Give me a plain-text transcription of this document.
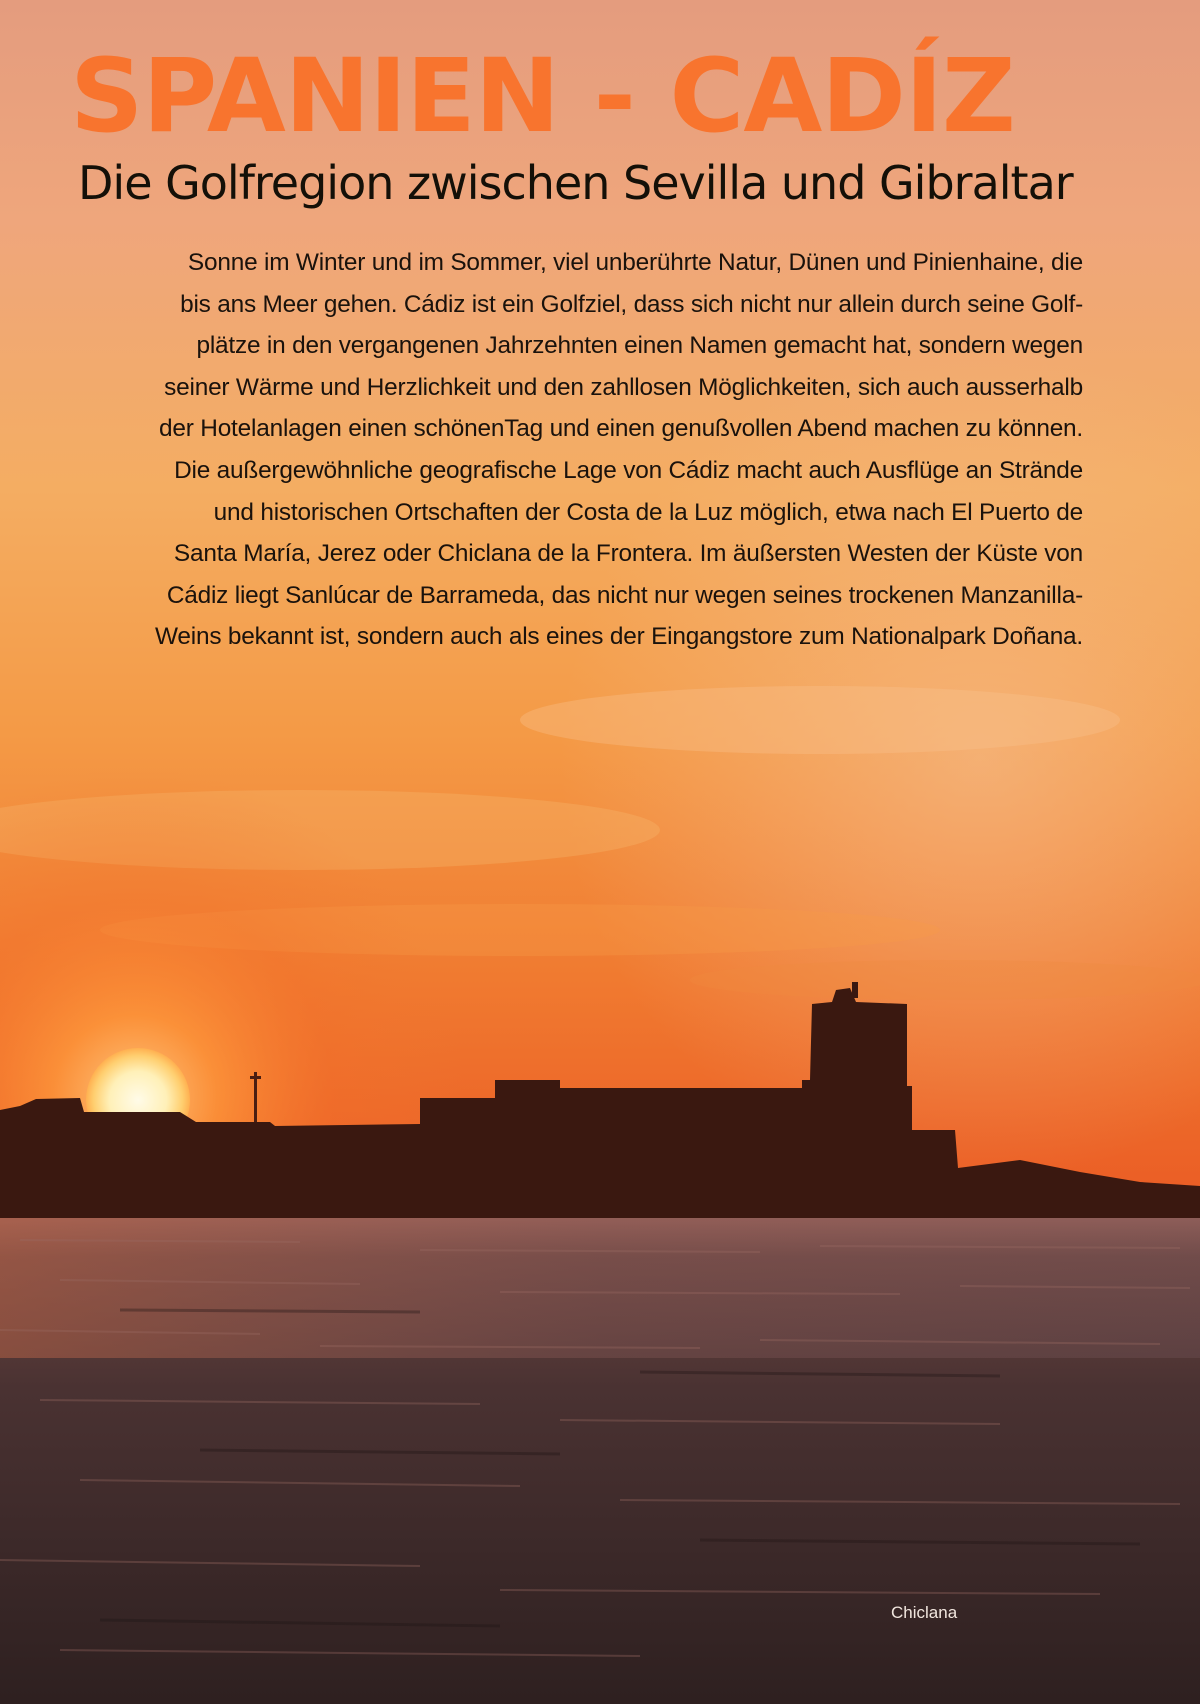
SPANIEN - CADÍZ
Die Golfregion zwischen Sevilla und Gibraltar
Sonne im Winter und im Sommer, viel unberührte Natur, Dünen und Pinienhaine, die
bis ans Meer gehen. Cádiz ist ein Golfziel, dass sich nicht nur allein durch seine Golf-
plätze in den vergangenen Jahrzehnten einen Namen gemacht hat, sondern wegen
seiner Wärme und Herzlichkeit und den zahllosen Möglichkeiten, sich auch ausserhalb
der Hotelanlagen einen schönenTag und einen genußvollen Abend machen zu können.
Die außergewöhnliche geografische Lage von Cádiz macht auch Ausflüge an Strände
und historischen Ortschaften der Costa de la Luz möglich, etwa nach El Puerto de
Santa María, Jerez oder Chiclana de la Frontera. Im äußersten Westen der Küste von
Cádiz liegt Sanlúcar de Barrameda, das nicht nur wegen seines trockenen Manzanilla-
Weins bekannt ist, sondern auch als eines der Eingangstore zum Nationalpark Doñana.

Chiclana
